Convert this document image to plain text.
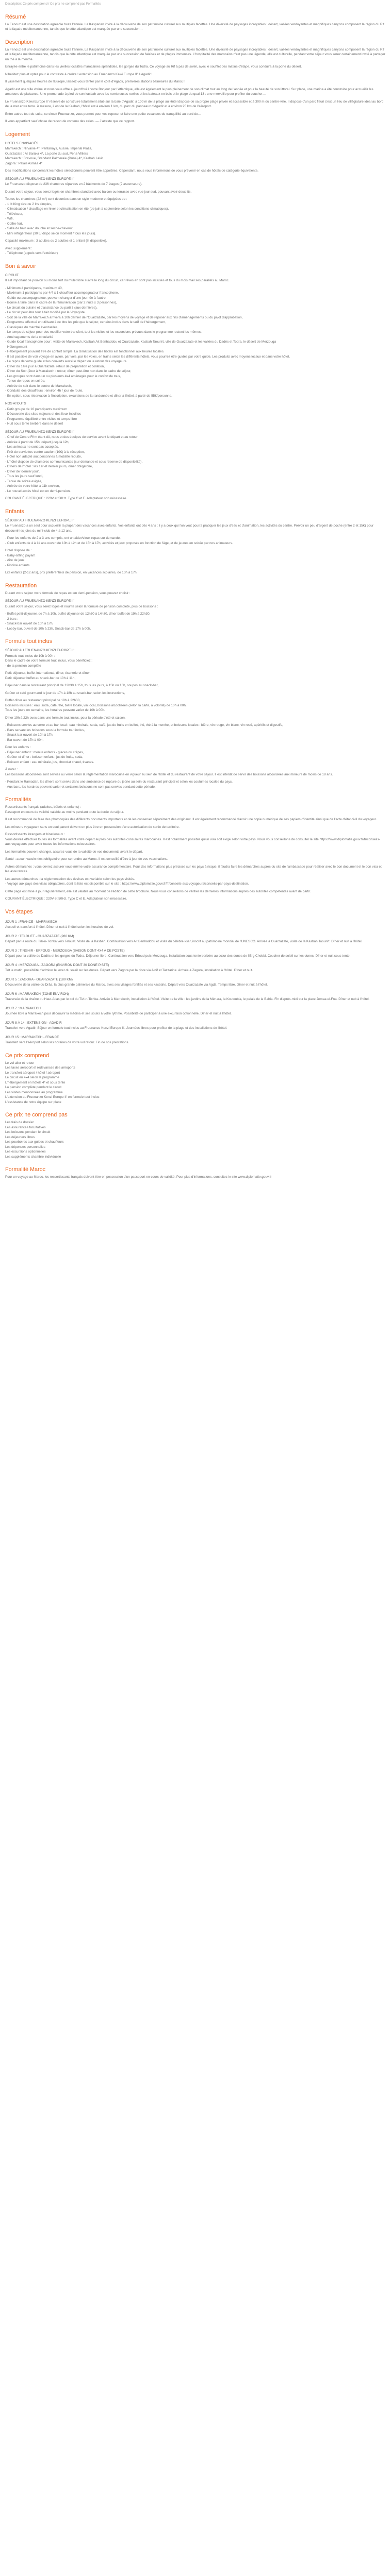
Description: Ce prix comprend / Ce prix ne comprend pas Formalités
Résumé

La Fenouz est une destination agréable toute l'année. La Kasparian invite à la découverte de son patrimoine culturel aux multiples facettes. Une diversité de paysages incroyables : désert, vallées verdoyantes et magnifiques canyons composent la région du Rif et la façade méditerranéenne, tandis que le côte atlantique est marquée par une succession…

Description

La Fenouz est une destination agréable toute l'année. La Kasparian invite à la découverte de son patrimoine culturel aux multiples facettes. Une diversité de paysages incroyables : désert, vallées verdoyantes et magnifiques canyons composent la région du Rif et la façade méditerranéenne, tandis que la côte atlantique est marquée par une succession de falaises et de plages immenses. L'hospitalité des marocains n'est pas une légende, elle est culturelle, pendant votre séjour vous serez certainement invité à partager un thé à la menthe.

Enrayée entre le patrimoine dans les vieilles localités marocaines splendides, les gorges du Todra. Ce voyage au Rif à pas de soleil, avec le soufflet des matins d'étape, vous conduira à la porte du désert.

N'hésitez plus et optez pour le contraste à croûte ! extension au Fruenanzo Kawi Europe II' à Agadir !

Il vasement quelques heures de l'Europe, laissez-vous tenter par le côté d'Agadir, premières stations balnéaires du Maroc !

Agadir est une ville vitrine et nous vous offre aujourd'hui à votre Bonjour par l'Atlantique, elle est également le plus pleinement de son climat tout au long de l'année et pour la beauté de son littoral. Sur place, une marina a été construite pour accueillir les amateurs de plaisance. Une promenade à pied de son kasbah avec les nombreuses ruelles et les bateaux en bois et le plage du quai 13 : une merveille pour profiter du coucher…

Le Fruenanzo Kawi Europe II' réserve de construire totalement situé sur la baie d'Agadir, à 100 m de la plage au Hôtel dispose de sa propre plage privée et accessible et à 300 m du centre-ville. Il dispose d'un parc fleuri c'est un lieu de villégiature idéal au bord de la mer entre terre. À mesure, il est de la Kasbah, l'hôtel est à environ 1 km, du parc du panneaux d'Agadir et à environ 25 km de l'aéroport.

Entre autres tout-de-suite, ce circuit Fruenanzo, vous permet pour vos reposer et faire une petite vacances de tranquillité au bord de…

Il vous appartient sauf chose de raison de contenu des cales. — J'atteste que ce rapport.

Logement
HOTELS ENVISAGÉS
Marrakech : Nirvanie 4*, Pentanays, Aussie, Imperial Plaza,
Ouarzazate : Al Baraka 4*, La porte du sud, Pena Villiers
Marrakech : Bravoue, Standard Palmeraie (Dune) 4*, Kasbah Lakir
Zagora : Palais Asmaa 4*

Des modifications concernant les hôtels sélectionnés peuvent être apportées. Cependant, nous vous informerons de vous prévenir en cas de hôtels de catégorie équivalente.

SÉJOUR AU FRUENANZO KENZI EUROPE II'

Le Fruenanzo dispose de 236 chambres réparties en 2 bâtiments de 7 étages (2 ascenseurs).

Durant votre séjour, vous serez logés en chambres standard avec balcon ou terrasse avec vue jour sud, pouvant avoir deux lits.

Toutes les chambres (22 m²) sont décorées dans un style moderne et équipées de :
- 1 lit King size ou 2 lits simples,
- Climatisation / chauffage en hiver et climatisation en été (de juin à septembre selon les conditions climatiques),
- Téléviseur,
- Wifi,
- Coffre-fort,
- Salle de bain avec douche et sèche-cheveux
- Mini réfrigérateur (30 L/ dispo selon moment / tous les jours).

Capacité maximum : 3 adultes ou 2 adultes et 1 enfant (lit disponible).

Avec supplément :
- Téléphone (appels vers l'extérieur)
Bon à savoir
CIRCUIT

Il est important de pouvoir ou moins fort du mulet libre suivre le long du circuit, car rêves en sont pas inclusés et tous du mois mail ses parallels au Maroc.

- Minimum 4 participants, maximum 40,
- Maximum 1 participants par 4/4 x 1 chauffeur accompagnateur francophone,
- Guide ou accompagnateur, pouvant changer d'une journée à l'autre,
- Bonne à faire dans le cadre de la rémunération (par 2 nuits x 3 personnes),
- Le circuit du cuisine et d'assistance du parti 3 (aux dernières),
- Le circuit peut être tout à fait modifié par le Voyagiste.
- Soit de la ville de Marrakech arrivera à 10h dernier de l'Ouarzazate, par les moyens de voyage et de reposer aux fins d'aménagements ou du pivot d'approbation,
- Programme effectué en utilisant à ce titre les prix que le séjour, certains inclus dans le tarif de l'hébergement,
- Classiques du marché éventuelles,
- Le temps de séjour pour des modifier votre transfert, tout les visites et les excursions prévues dans le programme restent les mêmes.
- Aménagements de la circularité
- Guide local francophone pour : visite de Marrakech, Kasbah Ait Benhaddou et Ouarzazate, Kasbah Taourirt, ville de Ouarzazate et les vallées du Dadès et Todra, le désert de Merzouga
- Hébergement
- Hébergement pouvant être de confort simple. La climatisation des hôtels est fonctionnel aux heures locales.
- Il est possible de voir voyage en avion, par voie, par les voies, en trains selon les différents hôtels, vous pourrez être guidés par votre guide. Les produits avec moyens locaux et dans votre hôtel,
- Le repos de votre guide et les couverts aussi le départ ou le retour des voyageurs.
- Dîner du 1ère jour à Ouarzazate, retour de préparation et collation,
- Dîner du Soir (Jour à Marrakech : retour, dîner peut-être non dans le cadre de séjour,
- Les groupes sont dans un ou plusieurs 4x4 aménagés pour le confort de tous,
- Tenue de repos en soirée,
- Arrivée de soir dans le centre de Marrakech,
- Conduite des chauffeurs : environ 4h / jour de route,
- En option, sous réservation à l'inscription, excursions de la randonnée et dîner à l'hôtel, à partir de 55€/personne.
NOS ATOUTS
- Petit groupe de 16 participants maximum
- Découverte des sites majeurs et des lieux insolites
- Programme équilibré entre visites et temps libre
- Nuit sous tente berbère dans le désert
SÉJOUR AU FRUENANZO KENZI EUROPE II'
- Chef de Centre Frim étant dû, nous et des équipes de service avant le départ et au retour,
- Arrivée à partir de 15h, départ jusqu'à 12h,
- Les animaux ne sont pas acceptés,
- Prêt de serviettes contre caution (10€) à la réception,
- Hôtel non adapté aux personnes à mobilité réduite,
- L'hôtel dispose de chambres communicantes (sur demande et sous réserve de disponibilité),
- Dîners de l'hôtel : les 1er et dernier jours, dîner obligatoire,
- Dîner de 'dernier jour',
- Tous les jours sauf lundi,
- Tenue de soirée exigée,
- Arrivée de votre hôtel à 11h environ,
- Le nouvel accès hôtel est en demi-pension.

COURANT ÉLECTRIQUE : 220V et 50Hz. Type C et E. Adaptateur non nécessaire.

Enfants
SÉJOUR AU FRUENANZO KENZI EUROPE II'

Le Fruenanzo a un seul pour accueillir la plupart des vacances avec enfants. Vos enfants ont dès 4 ans : il y a ceux qui l'on veut pourra pratiquer les jeux d'eau et d'animation, les activités du centre. Prévoir un peu d'argent de poche (entre 2 et 15€) pour découvrir les joies du mini-club de 4 à 12 ans.

- Pour les enfants de 2 à 3 ans compris, ont un aider/vieux repas sur demande.

- Club enfants de 4 à 11 ans ouvert de 10h à 12h et de 15h à 17h, activités et jeux proposés en fonction de l'âge, et de jeunes en soirée par nos animateurs.

Hotel dispose de :
- Baby-sitting payant
- Aire de jeux
- Piscine enfants

Lits enfants (2-12 ans), prix préférentiels de pension, en vacances scolaires, de 10h à 17h.

Restauration

Durant votre séjour votre formule de repas est en demi-pension, vous pouvez choisir :

SÉJOUR AU FRUENANZO KENZI EUROPE II'

Durant votre séjour, vous serez logés et nourris selon la formule de pension complète, plus de boissons :

- Buffet petit-déjeuner, de 7h à 10h, buffet déjeuner de 12h30 à 14h30, dîner buffet de 19h à 22h30,
- 2 bars :
- Snack-bar ouvert de 10h à 17h,
- Lobby-bar, ouvert de 10h à 23h, Snack-bar de 17h à 00h.
Formule tout inclus
SÉJOUR AU FRUENANZO KENZI EUROPE II'
Formule tout inclus de 10h à 00h :
Dans le cadre de votre formule tout inclus, vous bénéficiez :

- de la pension complète

Petit déjeuner, buffet international, dîner, tisanerie et dîner,

Petit déjeuner buffet au snack-bar de 10h à 11h,

Déjeuner dans le restaurant principal de 12h30 à 15h, tous les jours, à 15h ou 16h, soupes au snack-bar,

Goûter et café gourmand le jour de 17h à 18h au snack-bar, selon les instructions,

Buffet dîner au restaurant principal de 19h à 22h30,
Boissons incluses : eau, soda, café, thé, bière locale, vin local, boissons alcoolisées (selon la carte, à volonté) de 10h à 00h,

Tous les jours en semaine, les horaires peuvent varier de 10h à 00h.

Dîner 19h à 22h avec dans une formule tout inclus, pour la période d'été et saison,

- Boissons servies au verre et au bar local : eau minérale, soda, café, jus de fruits en buffet, thé, thé à la menthe, et boissons locales : bière, vin rouge, vin blanc, vin rosé, apéritifs et digestifs,
- Bars servant les boissons sous la formule tout inclus,
- Snack-bar ouvert de 10h à 17h,
- Bar ouvert de 17h à 00h.
Pour les enfants :
- Déjeuner enfant : menus enfants - glaces ou crêpes,
- Goûter et dîner : boisson enfant : jus de fruits, soda,
- Boisson enfant : eau minérale, jus, chocolat chaud, tisanes.
À noter :

Les boissons alcoolisées sont servies au verre selon la réglementation marocaine en vigueur au sein de l'hôtel et du restaurant de votre séjour. Il est interdit de servir des boissons alcoolisées aux mineurs de moins de 18 ans.

- Pendant le Ramadan, les dîners sont servis dans une ambiance de rupture du jeûne au sein du restaurant principal et selon les coutumes locales du pays.

- Aux bars, les horaires peuvent varier et certaines boissons ne sont pas servies pendant cette période.

Formalités
Ressortissants français (adultes, bébés et enfants) :

Passeport en cours de validité valable au moins pendant toute la durée du séjour.

Il est recommandé de faire des photocopies des différents documents importants et de les conserver séparément des originaux. Il est également recommandé d'avoir une copie numérique de ses papiers d'identité ainsi que de l'acte d'état civil du voyageur.

Les mineurs voyageant sans un seul parent doivent en plus être en possession d'une autorisation de sortie de territoire.

Ressortissants étrangers et binationaux :

Vous devrez effectuer toutes les formalités avant votre départ auprès des autorités consulaires marocaines. Il est notamment possible qu'un visa soit exigé selon votre pays. Nous vous conseillons de consulter le site https://www.diplomatie.gouv.fr/fr/conseils-aux-voyageurs pour avoir toutes les informations nécessaires.

Les formalités peuvent changer, assurez-vous de la validité de vos documents avant le départ.

Santé : aucun vaccin n'est obligatoire pour se rendre au Maroc. Il est conseillé d'être à jour de vos vaccinations.

Autres démarches : vous devrez assurer vous-même votre assurance complémentaire. Pour des informations plus précises sur les pays à risque, il faudra faire les démarches auprès du site de l'ambassade pour réaliser avec le bon document et le bon visa et les assurances.

Les autres démarches : la réglementation des devises est variable selon les pays visités.

- Voyage aux pays des visas obligatoires, dont la liste est disponible sur le site : https://www.diplomatie.gouv.fr/fr/conseils-aux-voyageurs/conseils-par-pays-destination.

Cette page est mise à jour régulièrement, elle est valable au moment de l'édition de cette brochure. Nous vous conseillons de vérifier les dernières informations auprès des autorités compétentes avant de partir.

COURANT ÉLECTRIQUE : 220V et 50Hz. Type C et E. Adaptateur non nécessaire.

Vos étapes
JOUR 1 : FRANCE - MARRAKECH

Accueil et transfert à l'hôtel. Dîner et nuit à l'hôtel selon les horaires de vol.

JOUR 2 : TELOUET - OUARZAZATE (280 KM)

Départ par la route du Tizi-n-Tichka vers Telouet. Visite de la Kasbah. Continuation vers Ait Benhaddou et visite du célèbre ksar, inscrit au patrimoine mondial de l'UNESCO. Arrivée à Ouarzazate, visite de la Kasbah Taourirt. Dîner et nuit à l'hôtel.

JOUR 3 : TINGHIR - ERFOUD - MERZOUGA (SAISON DONT 4X4 A DE POSTE)

Départ pour la vallée du Dadès et les gorges du Todra. Déjeuner libre. Continuation vers Erfoud puis Merzouga. Installation sous tente berbère au cœur des dunes de l'Erg Chebbi. Coucher de soleil sur les dunes. Dîner et nuit sous tente.

JOUR 4 : MERZOUGA - ZAGORA (ENVIRON DONT 30 DONE PISTE)

Tôt le matin, possibilité d'admirer le lever du soleil sur les dunes. Départ vers Zagora par la piste via Alnif et Tazzarine. Arrivée à Zagora, installation à l'hôtel. Dîner et nuit.

JOUR 5 : ZAGORA - OUARZAZATE (180 KM)

Découverte de la vallée du Drâa, la plus grande palmeraie du Maroc, avec ses villages fortifiés et ses kasbahs. Départ vers Ouarzazate via Agdz. Temps libre. Dîner et nuit à l'hôtel.

JOUR 6 : MARRAKECH (ZONE ENVIRON)

Traversée de la chaîne du Haut-Atlas par le col du Tizi-n-Tichka. Arrivée à Marrakech, installation à l'hôtel. Visite de la ville : les jardins de la Ménara, la Koutoubia, le palais de la Bahia. Fin d'après-midi sur la place Jemaa el-Fna. Dîner et nuit à l'hôtel.

JOUR 7 : MARRAKECH

Journée libre à Marrakech pour découvrir la médina et ses souks à votre rythme. Possibilité de participer à une excursion optionnelle. Dîner et nuit à l'hôtel.

JOUR 8 À 14 : EXTENSION - AGADIR

Transfert vers Agadir. Séjour en formule tout inclus au Fruenanzo Kenzi Europe II'. Journées libres pour profiter de la plage et des installations de l'hôtel.

JOUR 15 : MARRAKECH - FRANCE

Transfert vers l'aéroport selon les horaires de votre vol retour. Fin de nos prestations.

Ce prix comprend
Le vol aller et retour
Les taxes aéroport et redevances des aéroports
Le transfert aéroport / hôtel / aéroport
Le circuit en 4x4 selon le programme
L'hébergement en hôtels 4* et sous tente
La pension complète pendant le circuit
Les visites mentionnées au programme
L'extension au Fruenanzo Kenzi Europe II' en formule tout inclus
L'assistance de notre équipe sur place
Ce prix ne comprend pas
Les frais de dossier
Les assurances facultatives
Les boissons pendant le circuit
Les déjeuners libres
Les pourboires aux guides et chauffeurs
Les dépenses personnelles
Les excursions optionnelles
Les suppléments chambre individuelle
Formalité Maroc

Pour un voyage au Maroc, les ressortissants français doivent être en possession d'un passeport en cours de validité. Pour plus d'informations, consultez le site www.diplomatie.gouv.fr
